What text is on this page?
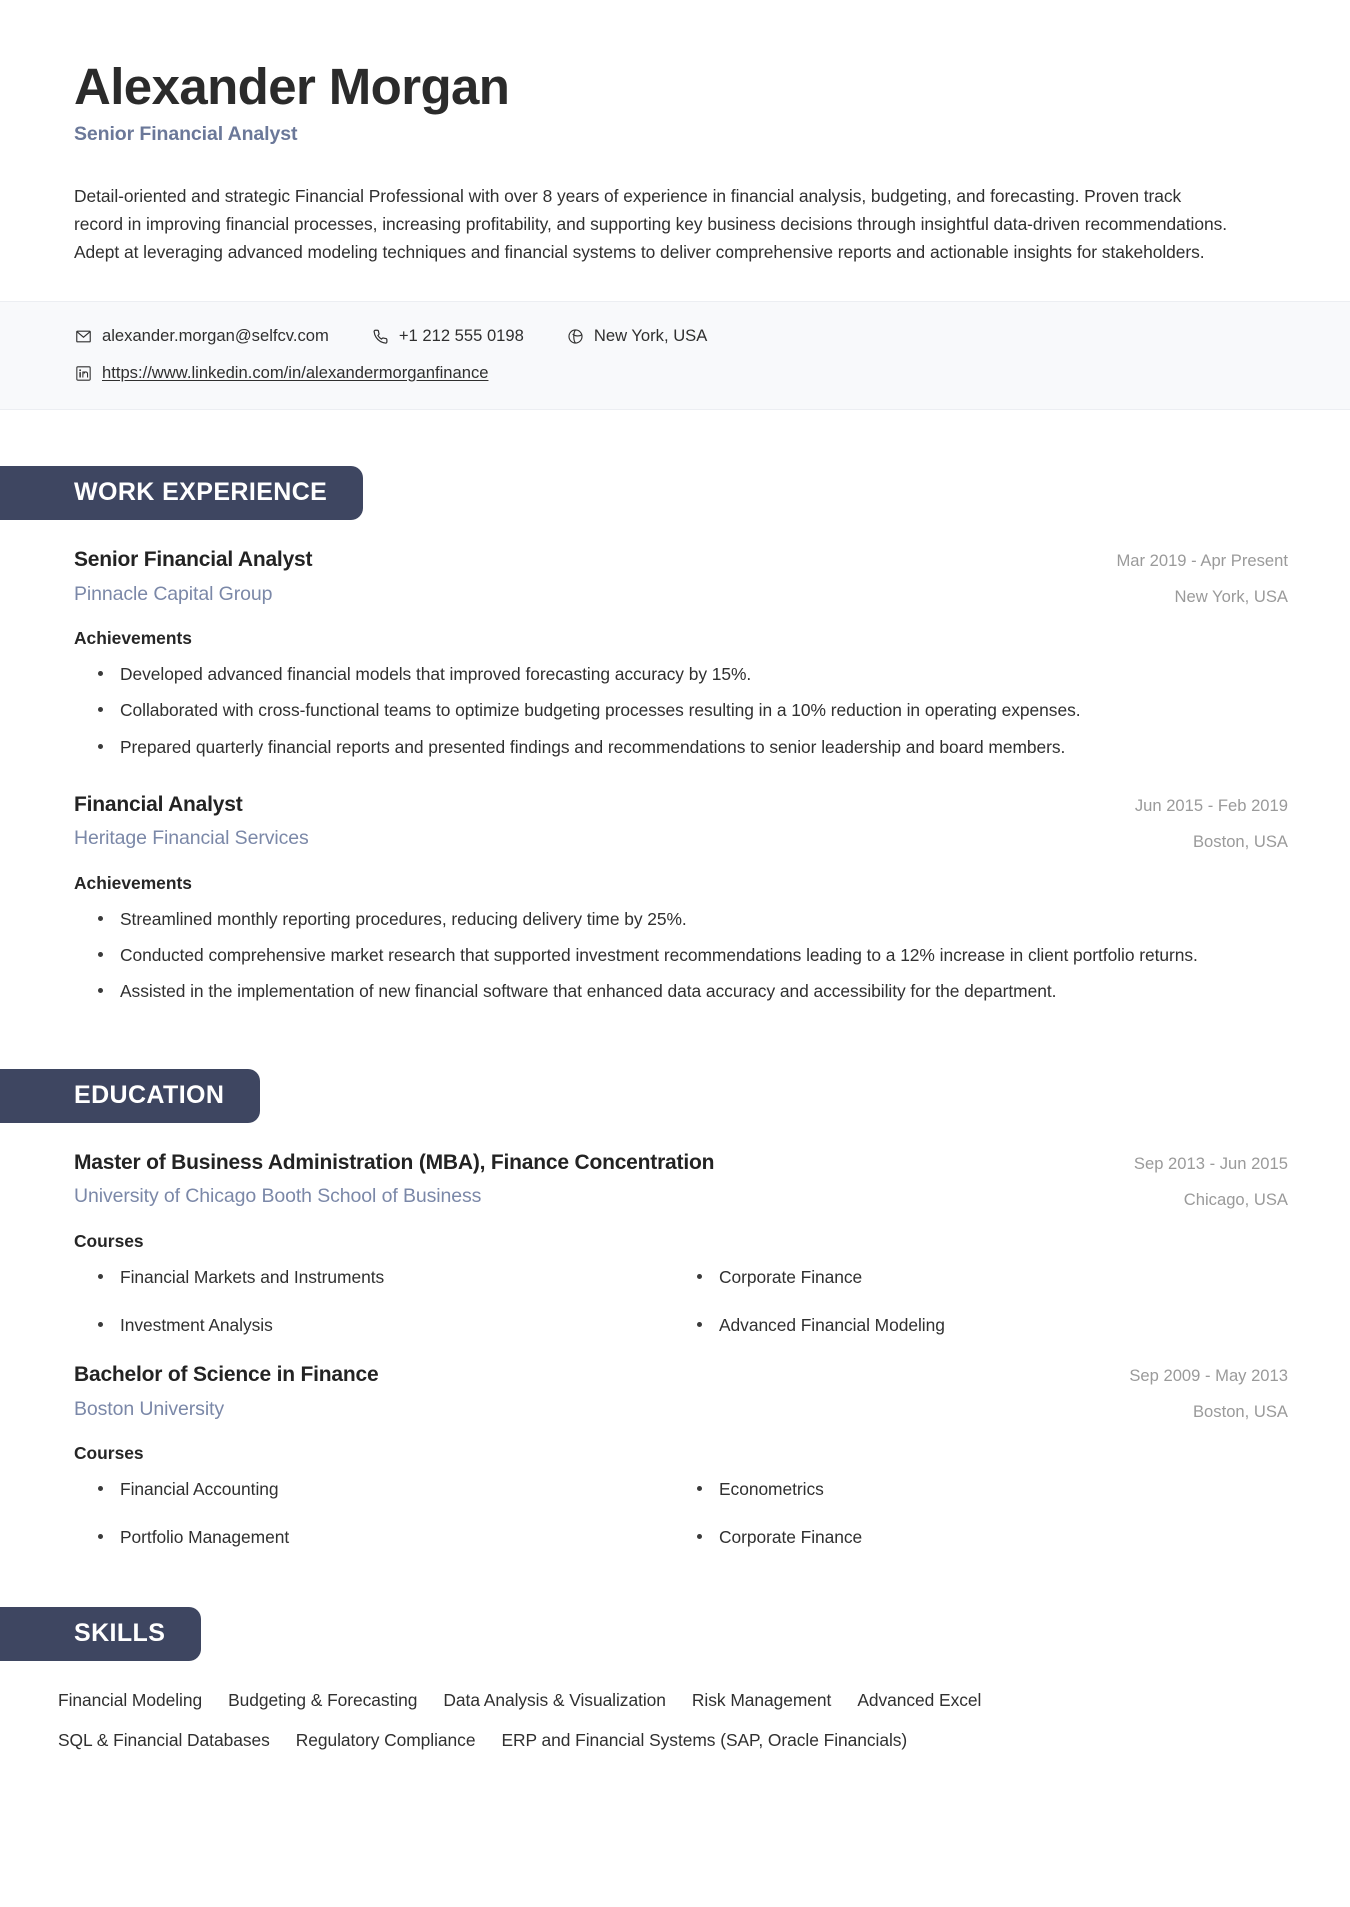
Alexander Morgan
Senior Financial Analyst

Detail-oriented and strategic Financial Professional with over 8 years of experience in financial analysis, budgeting, and forecasting. Proven track record in improving financial processes, increasing profitability, and supporting key business decisions through insightful data-driven recommendations. Adept at leveraging advanced modeling techniques and financial systems to deliver comprehensive reports and actionable insights for stakeholders.

alexander.morgan@selfcv.com	+1 212 555 0198	New York, USA
https://www.linkedin.com/in/alexandermorganfinance
WORK EXPERIENCE
Senior Financial Analyst
Pinnacle Capital Group
Mar 2019 - Apr Present
New York, USA
Achievements
Developed advanced financial models that improved forecasting accuracy by 15%.
Collaborated with cross-functional teams to optimize budgeting processes resulting in a 10% reduction in operating expenses.
Prepared quarterly financial reports and presented findings and recommendations to senior leadership and board members.
Financial Analyst
Heritage Financial Services
Jun 2015 - Feb 2019
Boston, USA
Achievements
Streamlined monthly reporting procedures, reducing delivery time by 25%.
Conducted comprehensive market research that supported investment recommendations leading to a 12% increase in client portfolio returns.
Assisted in the implementation of new financial software that enhanced data accuracy and accessibility for the department.
EDUCATION
Master of Business Administration (MBA), Finance Concentration
University of Chicago Booth School of Business
Sep 2013 - Jun 2015
Chicago, USA
Courses
Financial Markets and Instruments	Corporate Finance
Investment Analysis	Advanced Financial Modeling
Bachelor of Science in Finance
Boston University
Sep 2009 - May 2013
Boston, USA
Courses
Financial Accounting	Econometrics
Portfolio Management	Corporate Finance
SKILLS
Financial Modeling Budgeting & Forecasting Data Analysis & Visualization Risk Management Advanced Excel
SQL & Financial Databases Regulatory Compliance ERP and Financial Systems (SAP, Oracle Financials)
